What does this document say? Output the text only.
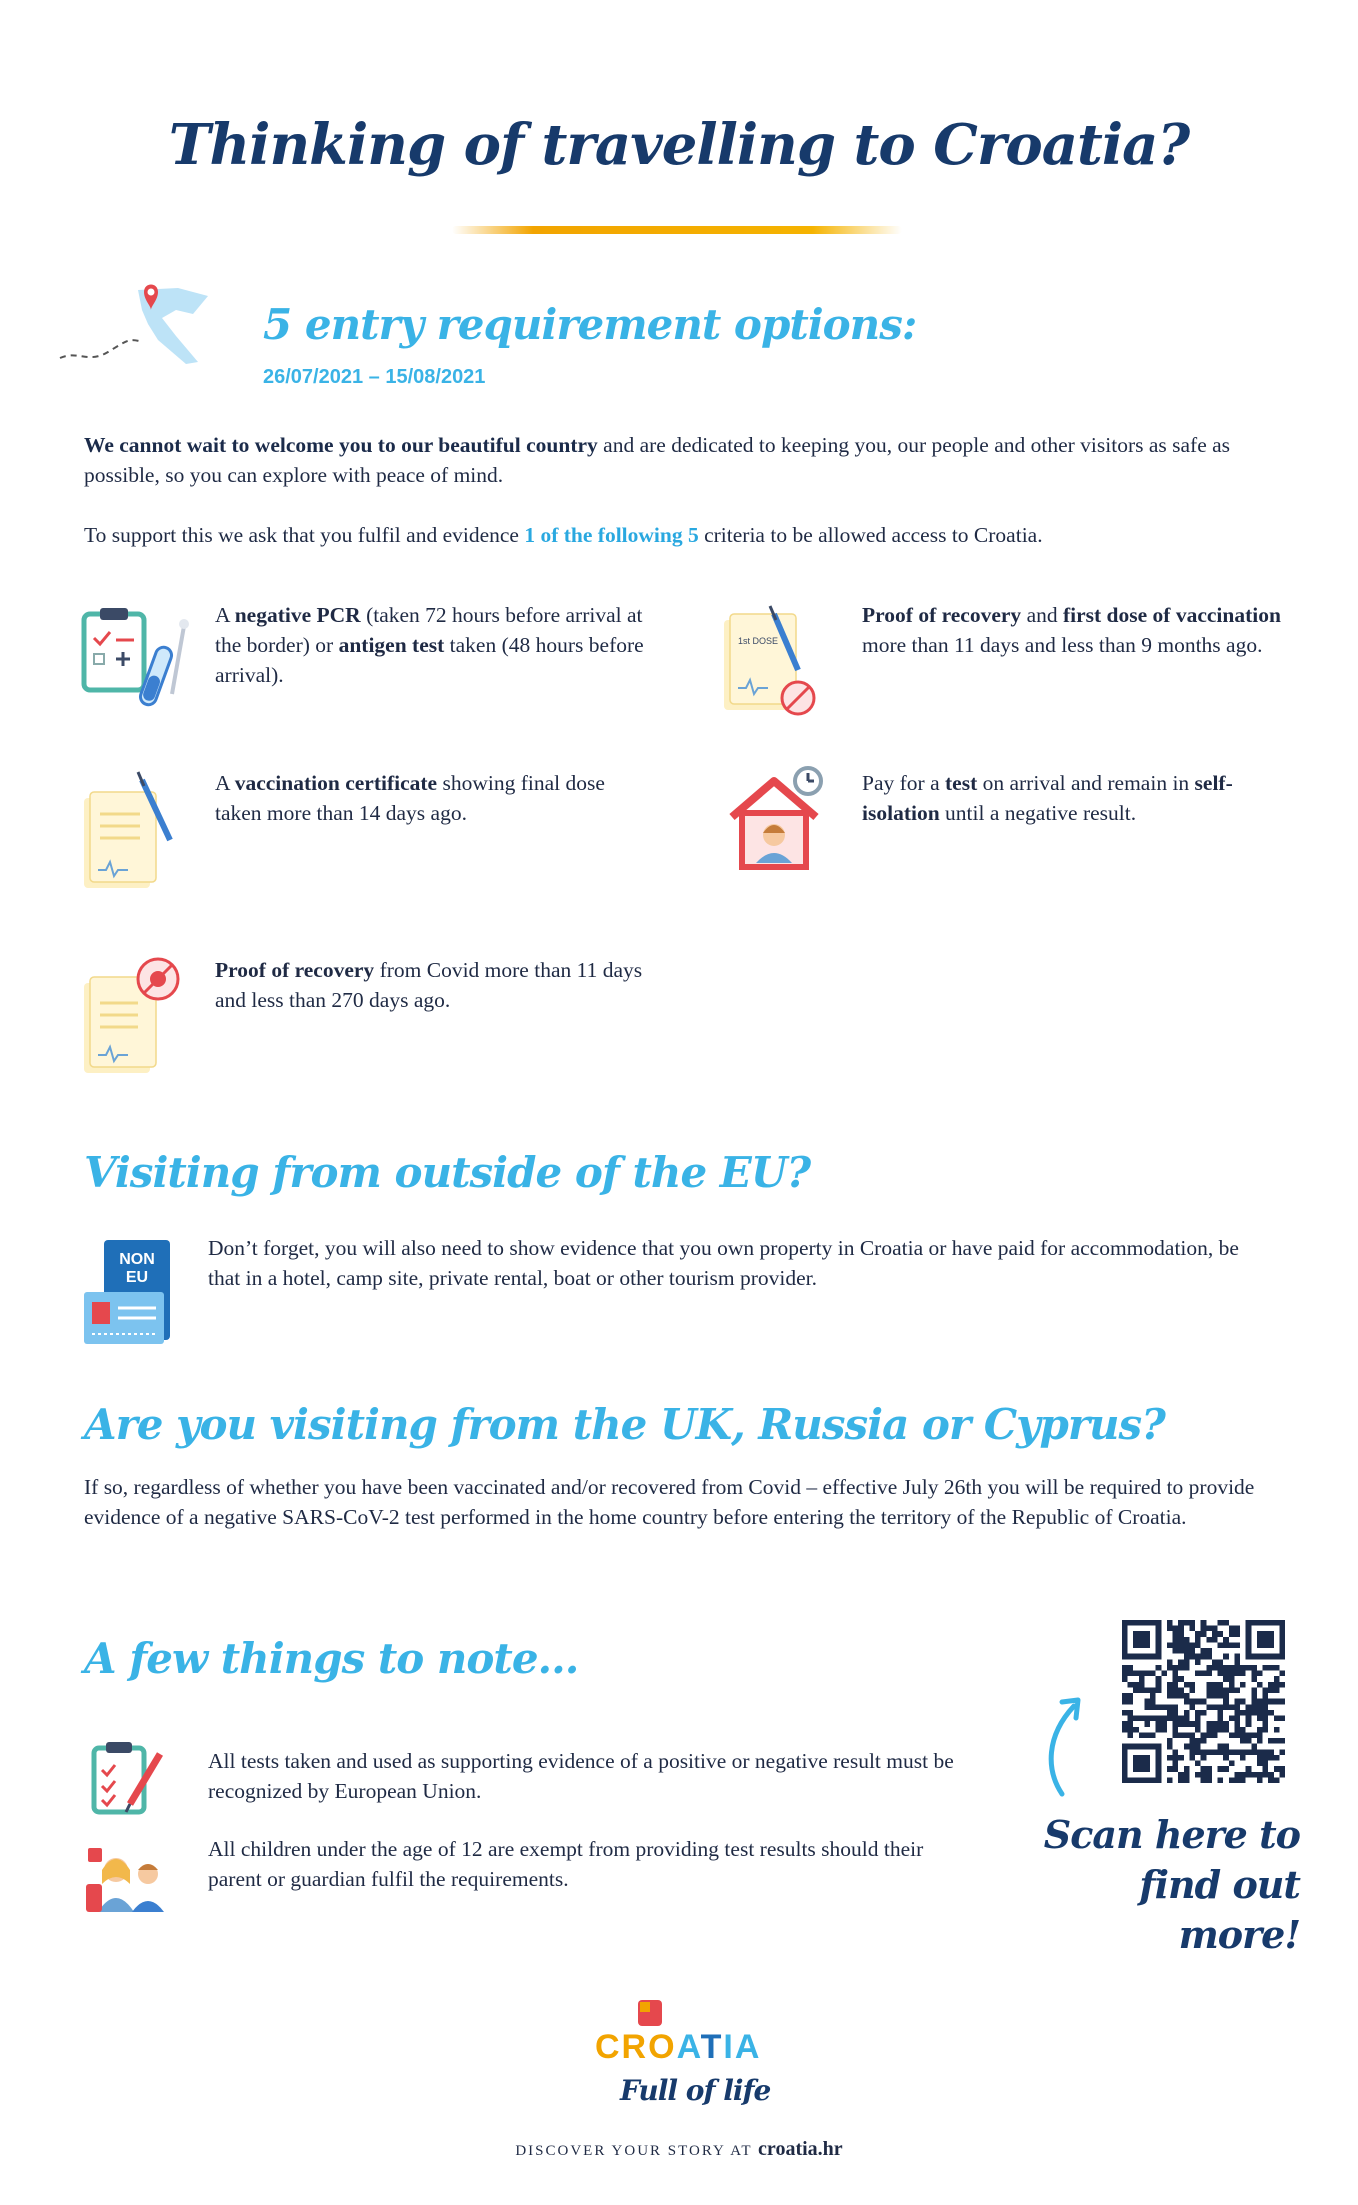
Thinking of travelling to Croatia?
5 entry requirement options:
26/07/2021 – 15/08/2021
We cannot wait to welcome you to our beautiful country and are dedicated to keeping you, our people and other visitors as safe as possible, so you can explore with peace of mind.
To support this we ask that you fulfil and evidence 1 of the following 5 criteria to be allowed access to Croatia.
A negative PCR (taken 72 hours before arrival at the border) or antigen test taken (48 hours before arrival).
1st DOSE
Proof of recovery and first dose of vaccination more than 11 days and less than 9 months ago.
A vaccination certificate showing final dose taken more than 14 days ago.
Pay for a test on arrival and remain in self-isolation until a negative result.
Proof of recovery from Covid more than 11 days and less than 270 days ago.
Visiting from outside of the EU?
NON
EU
Don’t forget, you will also need to show evidence that you own property in Croatia or have paid for accommodation, be that in a hotel, camp site, private rental, boat or other tourism provider.
Are you visiting from the UK, Russia or Cyprus?
If so, regardless of whether you have been vaccinated and/or recovered from Covid – effective July 26th you will be required to provide evidence of a negative SARS-CoV-2 test performed in the home country before entering the territory of the Republic of Croatia.
A few things to note...
All tests taken and used as supporting evidence of a positive or negative result must be recognized by European Union.
All children under the age of 12 are exempt from providing test results should their parent or guardian fulfil the requirements.
Scan here to
find out more!
CROATIA
Full of life
DISCOVER YOUR STORY AT croatia.hr
